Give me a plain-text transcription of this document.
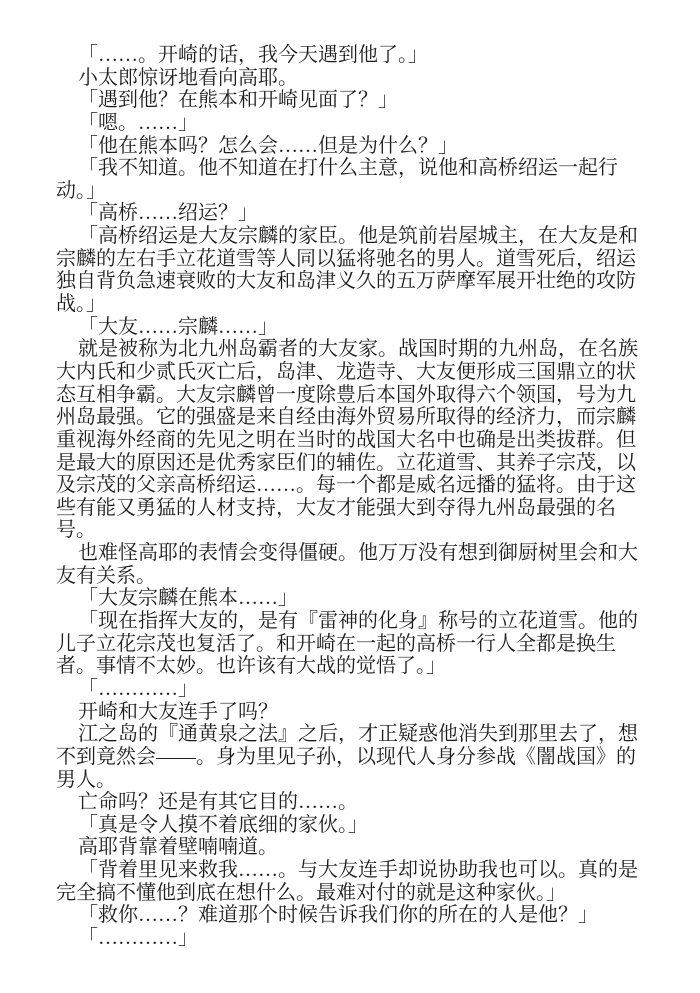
「……。开崎的话，我今天遇到他了。」
小太郎惊讶地看向高耶。
「遇到他？在熊本和开崎见面了？」
「嗯。……」
「他在熊本吗？怎么会……但是为什么？」
「我不知道。他不知道在打什么主意，说他和高桥绍运一起行
动。」
「高桥……绍运？」
「高桥绍运是大友宗麟的家臣。他是筑前岩屋城主，在大友是和
宗麟的左右手立花道雪等人同以猛将驰名的男人。道雪死后，绍运
独自背负急速衰败的大友和岛津义久的五万萨摩军展开壮绝的攻防
战。」
「大友……宗麟……」
就是被称为北九州岛霸者的大友家。战国时期的九州岛，在名族
大内氏和少贰氏灭亡后，岛津、龙造寺、大友便形成三国鼎立的状
态互相争霸。大友宗麟曾一度除豊后本国外取得六个领国，号为九
州岛最强。它的强盛是来自经由海外贸易所取得的经济力，而宗麟
重视海外经商的先见之明在当时的战国大名中也确是出类拔群。但
是最大的原因还是优秀家臣们的辅佐。立花道雪、其养子宗茂，以
及宗茂的父亲高桥绍运……。每一个都是威名远播的猛将。由于这
些有能又勇猛的人材支持，大友才能强大到夺得九州岛最强的名
号。
也难怪高耶的表情会变得僵硬。他万万没有想到御厨树里会和大
友有关系。
「大友宗麟在熊本……」
「现在指挥大友的，是有『雷神的化身』称号的立花道雪。他的
儿子立花宗茂也复活了。和开崎在一起的高桥一行人全都是换生
者。事情不太妙。也许该有大战的觉悟了。」
「…………」
开崎和大友连手了吗？
江之岛的『通黄泉之法』之后，才正疑惑他消失到那里去了，想
不到竟然会——。身为里见子孙，以现代人身分参战《闇战国》的
男人。
亡命吗？还是有其它目的……。
「真是令人摸不着底细的家伙。」
高耶背靠着壁喃喃道。
「背着里见来救我……。与大友连手却说协助我也可以。真的是
完全搞不懂他到底在想什么。最难对付的就是这种家伙。」
「救你……？难道那个时候告诉我们你的所在的人是他？」
「…………」
